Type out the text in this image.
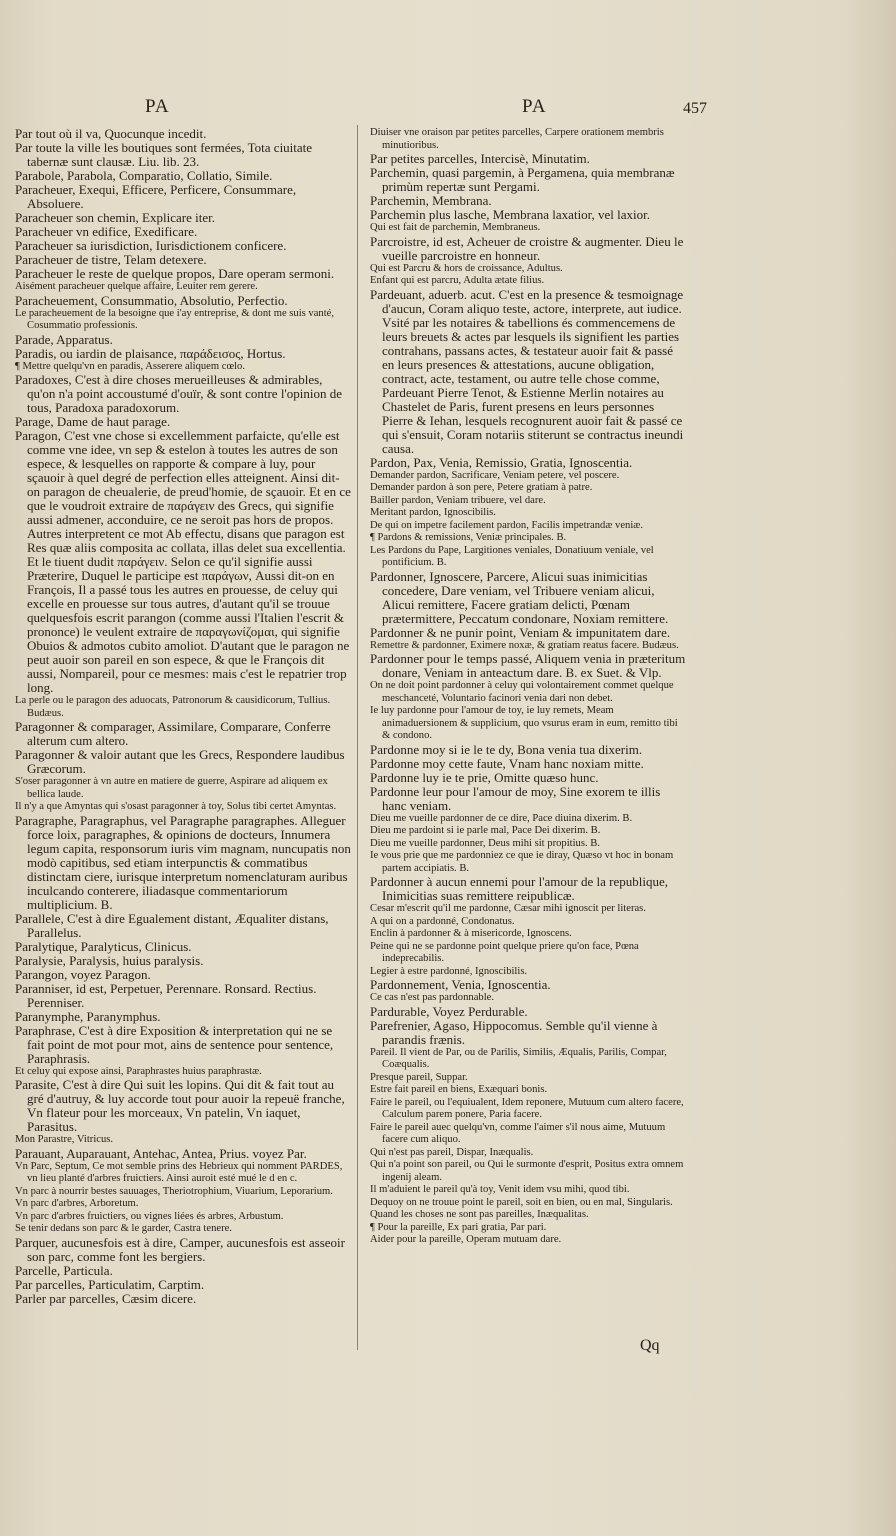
PA	PA	457

Par tout où il va, Quocunque incedit.

Par toute la ville les boutiques sont fermées, Tota ciuitate tabernæ sunt clausæ. Liu. lib. 23.

Parabole, Parabola, Comparatio, Collatio, Simile.

Paracheuer, Exequi, Efficere, Perficere, Consummare, Absoluere.

Paracheuer son chemin, Explicare iter.

Paracheuer vn edifice, Exedificare.

Paracheuer sa iurisdiction, Iurisdictionem conficere.

Paracheuer de tistre, Telam detexere.

Paracheuer le reste de quelque propos, Dare operam sermoni.

Aisément paracheuer quelque affaire, Leuiter rem gerere.

Paracheuement, Consummatio, Absolutio, Perfectio.

Le paracheuement de la besoigne que i'ay entreprise, & dont me suis vanté, Cosummatio professionis.

Parade, Apparatus.

Paradis, ou iardin de plaisance, παράδεισος, Hortus.

¶ Mettre quelqu'vn en paradis, Asserere aliquem cœlo.

Paradoxes, C'est à dire choses merueilleuses & admirables, qu'on n'a point accoustumé d'ouïr, & sont contre l'opinion de tous, Paradoxa paradoxorum.

Parage, Dame de haut parage.

Paragon, C'est vne chose si excellemment parfaicte, qu'elle est comme vne idee, vn sep & estelon à toutes les autres de son espece, & lesquelles on rapporte & compare à luy, pour sçauoir à quel degré de perfection elles atteignent. Ainsi dit-on paragon de cheualerie, de preud'homie, de sçauoir. Et en ce que le voudroit extraire de παράγειν des Grecs, qui signifie aussi admener, acconduire, ce ne seroit pas hors de propos. Autres interpretent ce mot Ab effectu, disans que paragon est Res quæ aliis composita ac collata, illas delet sua excellentia. Et le tiuent dudit παράγειν. Selon ce qu'il signifie aussi Præterire, Duquel le participe est παράγων, Aussi dit-on en François, Il a passé tous les autres en prouesse, de celuy qui excelle en prouesse sur tous autres, d'autant qu'il se trouue quelquesfois escrit parangon (comme aussi l'Italien l'escrit & prononce) le veulent extraire de παραγωνίζομαι, qui signifie Obuios & admotos cubito amoliot. D'autant que le paragon ne peut auoir son pareil en son espece, & que le François dit aussi, Nompareil, pour ce mesmes: mais c'est le repatrier trop long.

La perle ou le paragon des aduocats, Patronorum & causidicorum, Tullius. Budæus.

Paragonner & comparager, Assimilare, Comparare, Conferre alterum cum altero.

Paragonner & valoir autant que les Grecs, Respondere laudibus Græcorum.

S'oser paragonner à vn autre en matiere de guerre, Aspirare ad aliquem ex bellica laude.

Il n'y a que Amyntas qui s'osast paragonner à toy, Solus tibi certet Amyntas.

Paragraphe, Paragraphus, vel Paragraphe paragraphes. Alleguer force loix, paragraphes, & opinions de docteurs, Innumera legum capita, responsorum iuris vim magnam, nuncupatis non modò capitibus, sed etiam interpunctis & commatibus distinctam ciere, iurisque interpretum nomenclaturam auribus inculcando conterere, iliadasque commentariorum multiplicium. B.

Parallele, C'est à dire Egualement distant, Æqualiter distans, Parallelus.

Paralytique, Paralyticus, Clinicus.

Paralysie, Paralysis, huius paralysis.

Parangon, voyez Paragon.

Paranniser, id est, Perpetuer, Perennare. Ronsard. Rectius. Perenniser.

Paranymphe, Paranymphus.

Paraphrase, C'est à dire Exposition & interpretation qui ne se fait point de mot pour mot, ains de sentence pour sentence, Paraphrasis.

Et celuy qui expose ainsi, Paraphrastes huius paraphrastæ.

Parasite, C'est à dire Qui suit les lopins. Qui dit & fait tout au gré d'autruy, & luy accorde tout pour auoir la repeuë franche, Vn flateur pour les morceaux, Vn patelin, Vn iaquet, Parasitus.

Mon Parastre, Vitricus.

Parauant, Auparauant, Antehac, Antea, Prius. voyez Par.

Vn Parc, Septum, Ce mot semble prins des Hebrieux qui nomment PARDES, vn lieu planté d'arbres fruictiers. Ainsi auroit esté mué le d en c.

Vn parc à nourrir bestes sauuages, Theriotrophium, Viuarium, Leporarium.

Vn parc d'arbres, Arboretum.

Vn parc d'arbres fruictiers, ou vignes liées és arbres, Arbustum.

Se tenir dedans son parc & le garder, Castra tenere.

Parquer, aucunesfois est à dire, Camper, aucunesfois est asseoir son parc, comme font les bergiers.

Parcelle, Particula.

Par parcelles, Particulatim, Carptim.

Parler par parcelles, Cæsim dicere.

Diuiser vne oraison par petites parcelles, Carpere orationem membris minutioribus.

Par petites parcelles, Intercisè, Minutatim.

Parchemin, quasi pargemin, à Pergamena, quia membranæ primùm repertæ sunt Pergami.

Parchemin, Membrana.

Parchemin plus lasche, Membrana laxatior, vel laxior.

Qui est fait de parchemin, Membraneus.

Parcroistre, id est, Acheuer de croistre & augmenter. Dieu le vueille parcroistre en honneur.

Qui est Parcru & hors de croissance, Adultus.

Enfant qui est parcru, Adulta ætate filius.

Pardeuant, aduerb. acut. C'est en la presence & tesmoignage d'aucun, Coram aliquo teste, actore, interprete, aut iudice. Vsité par les notaires & tabellions és commencemens de leurs breuets & actes par lesquels ils signifient les parties contrahans, passans actes, & testateur auoir fait & passé en leurs presences & attestations, aucune obligation, contract, acte, testament, ou autre telle chose comme, Pardeuant Pierre Tenot, & Estienne Merlin notaires au Chastelet de Paris, furent presens en leurs personnes Pierre & Iehan, lesquels recognurent auoir fait & passé ce qui s'ensuit, Coram notariis stiterunt se contractus ineundi causa.

Pardon, Pax, Venia, Remissio, Gratia, Ignoscentia.

Demander pardon, Sacrificare, Veniam petere, vel poscere.

Demander pardon à son pere, Petere gratiam à patre.

Bailler pardon, Veniam tribuere, vel dare.

Meritant pardon, Ignoscibilis.

De qui on impetre facilement pardon, Facilis impetrandæ veniæ.

¶ Pardons & remissions, Veniæ principales. B.

Les Pardons du Pape, Largitiones veniales, Donatiuum veniale, vel pontificium. B.

Pardonner, Ignoscere, Parcere, Alicui suas inimicitias concedere, Dare veniam, vel Tribuere veniam alicui, Alicui remittere, Facere gratiam delicti, Pœnam prætermittere, Peccatum condonare, Noxiam remittere.

Pardonner & ne punir point, Veniam & impunitatem dare.

Remettre & pardonner, Eximere noxæ, & gratiam reatus facere. Budæus.

Pardonner pour le temps passé, Aliquem venia in præteritum donare, Veniam in anteactum dare. B. ex Suet. & Vlp.

On ne doit point pardonner à celuy qui volontairement commet quelque meschanceté, Voluntario facinori venia dari non debet.

Ie luy pardonne pour l'amour de toy, ie luy remets, Meam animaduersionem & supplicium, quo vsurus eram in eum, remitto tibi & condono.

Pardonne moy si ie le te dy, Bona venia tua dixerim.

Pardonne moy cette faute, Vnam hanc noxiam mitte.

Pardonne luy ie te prie, Omitte quæso hunc.

Pardonne leur pour l'amour de moy, Sine exorem te illis hanc veniam.

Dieu me vueille pardonner de ce dire, Pace diuina dixerim. B.

Dieu me pardoint si ie parle mal, Pace Dei dixerim. B.

Dieu me vueille pardonner, Deus mihi sit propitius. B.

Ie vous prie que me pardonniez ce que ie diray, Quæso vt hoc in bonam partem accipiatis. B.

Pardonner à aucun ennemi pour l'amour de la republique, Inimicitias suas remittere reipublicæ.

Cesar m'escrit qu'il me pardonne, Cæsar mihi ignoscit per literas.

A qui on a pardonné, Condonatus.

Enclin à pardonner & à misericorde, Ignoscens.

Peine qui ne se pardonne point quelque priere qu'on face, Pœna indeprecabilis.

Legier à estre pardonné, Ignoscibilis.

Pardonnement, Venia, Ignoscentia.

Ce cas n'est pas pardonnable.

Pardurable, Voyez Perdurable.

Parefrenier, Agaso, Hippocomus. Semble qu'il vienne à parandis frænis.

Pareil. Il vient de Par, ou de Parilis, Similis, Æqualis, Parilis, Compar, Coæqualis.

Presque pareil, Suppar.

Estre fait pareil en biens, Exæquari bonis.

Faire le pareil, ou l'equiualent, Idem reponere, Mutuum cum altero facere, Calculum parem ponere, Paria facere.

Faire le pareil auec quelqu'vn, comme l'aimer s'il nous aime, Mutuum facere cum aliquo.

Qui n'est pas pareil, Dispar, Inæqualis.

Qui n'a point son pareil, ou Qui le surmonte d'esprit, Positus extra omnem ingenij aleam.

Il m'aduient le pareil qu'à toy, Venit idem vsu mihi, quod tibi.

Dequoy on ne trouue point le pareil, soit en bien, ou en mal, Singularis.

Quand les choses ne sont pas pareilles, Inæqualitas.

¶ Pour la pareille, Ex pari gratia, Par pari.

Aider pour la pareille, Operam mutuam dare.

Qq
